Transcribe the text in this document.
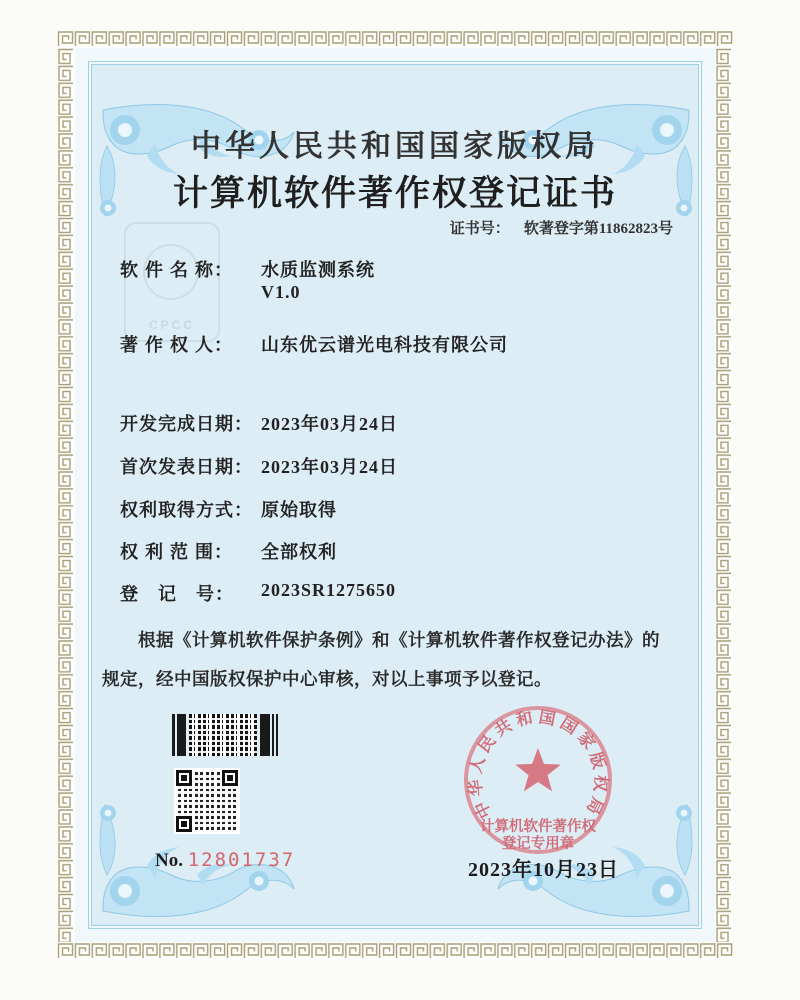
CPCC
中华人民共和国国家版权局
计算机软件著作权登记证书
证书号： 软著登字第11862823号
软 件 名 称： 水质监测系统
V1.0
著 作 权 人： 山东优云谱光电科技有限公司
开发完成日期： 2023年03月24日
首次发表日期： 2023年03月24日
权利取得方式： 原始取得
权 利 范 围： 全部权利
登　记　号： 2023SR1275650
根据《计算机软件保护条例》和《计算机软件著作权登记办法》的
规定，经中国版权保护中心审核，对以上事项予以登记。
No. 12801737	2023年10月23日
中华人民共和国国家版权局
计算机软件著作权
登记专用章
